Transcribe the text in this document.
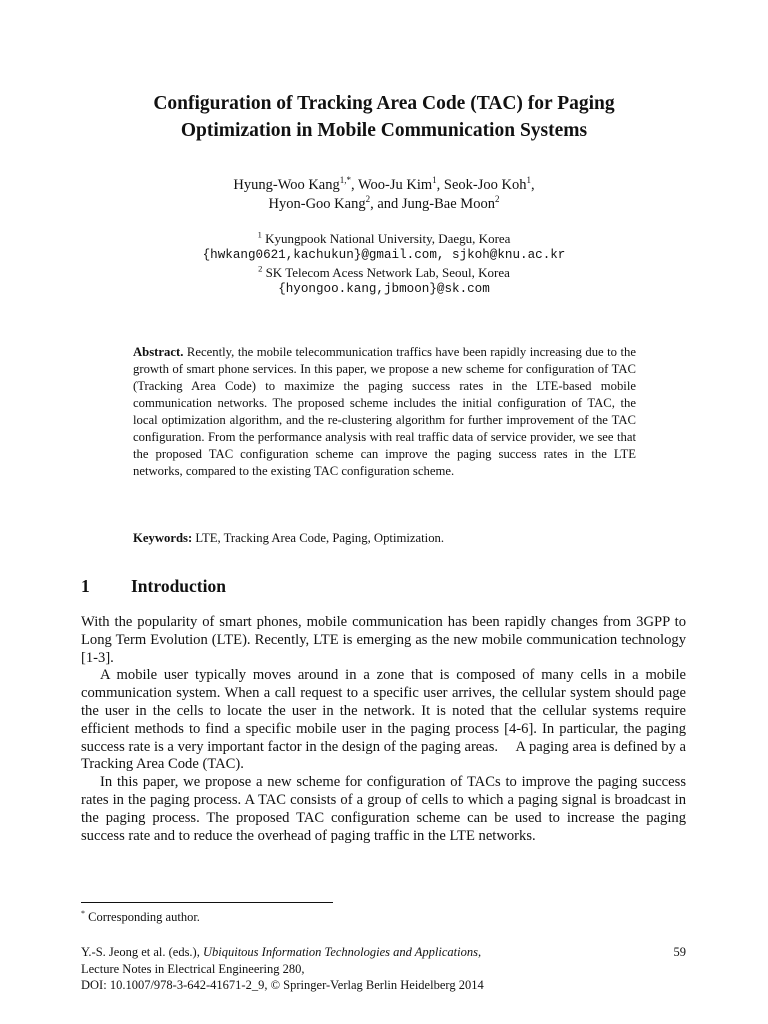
Configuration of Tracking Area Code (TAC) for Paging
Optimization in Mobile Communication Systems
Hyung-Woo Kang$^{1,*}$, Woo-Ju Kim$^1$, Seok-Joo Koh$^1$,
Hyon-Goo Kang$^2$, and Jung-Bae Moon$^2$
$^1$ Kyungpook National University, Daegu, Korea
{hwkang0621,kachukun}@gmail.com, sjkoh@knu.ac.kr
$^2$ SK Telecom Acess Network Lab, Seoul, Korea
{hyongoo.kang,jbmoon}@sk.com
Abstract. Recently, the mobile telecommunication traffics have been rapidly increasing due to the growth of smart phone services. In this paper, we propose a new scheme for configuration of TAC (Tracking Area Code) to maximize the paging success rates in the LTE-based mobile communication networks. The proposed scheme includes the initial configuration of TAC, the local optimization algorithm, and the re-clustering algorithm for further improvement of the TAC configuration. From the performance analysis with real traffic data of service provider, we see that the proposed TAC configuration scheme can improve the paging success rates in the LTE networks, compared to the existing TAC configuration scheme.
Keywords: LTE, Tracking Area Code, Paging, Optimization.
1 Introduction

With the popularity of smart phones, mobile communication has been rapidly changes from 3GPP to Long Term Evolution (LTE). Recently, LTE is emerging as the new mobile communication technology [1-3].

A mobile user typically moves around in a zone that is composed of many cells in a mobile communication system. When a call request to a specific user arrives, the cellular system should page the user in the cells to locate the user in the network. It is noted that the cellular systems require efficient methods to find a specific mobile user in the paging process [4-6]. In particular, the paging success rate is a very important factor in the design of the paging areas.  A paging area is defined by a Tracking Area Code (TAC).

In this paper, we propose a new scheme for configuration of TACs to improve the paging success rates in the paging process. A TAC consists of a group of cells to which a paging signal is broadcast in the paging process. The proposed TAC configuration scheme can be used to increase the paging success rate and to reduce the overhead of paging traffic in the LTE networks.

* Corresponding author.
Y.-S. Jeong et al. (eds.), Ubiquitous Information Technologies and Applications,
Lecture Notes in Electrical Engineering 280,
DOI: 10.1007/978-3-642-41671-2_9, © Springer-Verlag Berlin Heidelberg 2014
59
